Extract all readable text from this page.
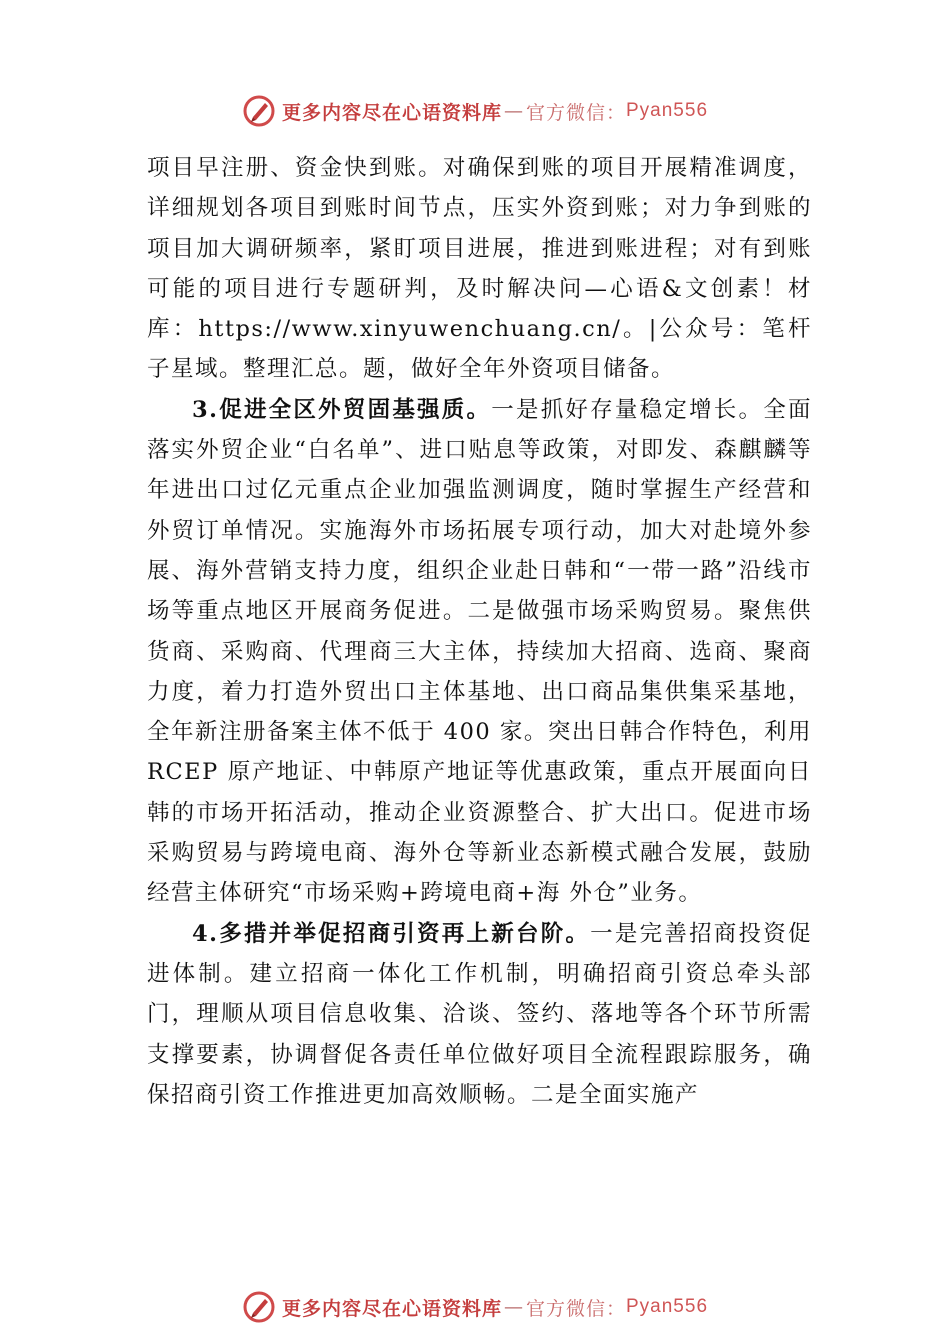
更多内容尽在心语资料库 — 官方微信： Pyan556

项目早注册、资金快到账。对确保到账的项目开展精准调度，详细规划各项目到账时间节点，压实外资到账；对力争到账的项目加大调研频率，紧盯项目进展，推进到账进程；对有到账可能的项目进行专题研判，及时解决问—心语&文创素！材库：https://www.xinyuwenchuang.cn/。|公众号：笔杆子星域。整理汇总。题，做好全年外资项目储备。

3.促进全区外贸固基强质。一是抓好存量稳定增长。全面落实外贸企业“白名单”、进口贴息等政策，对即发、森麒麟等年进出口过亿元重点企业加强监测调度，随时掌握生产经营和外贸订单情况。实施海外市场拓展专项行动，加大对赴境外参展、海外营销支持力度，组织企业赴日韩和“一带一路”沿线市场等重点地区开展商务促进。二是做强市场采购贸易。聚焦供货商、采购商、代理商三大主体，持续加大招商、选商、聚商力度，着力打造外贸出口主体基地、出口商品集供集采基地，全年新注册备案主体不低于 400 家。突出日韩合作特色，利用 RCEP 原产地证、中韩原产地证等优惠政策，重点开展面向日韩的市场开拓活动，推动企业资源整合、扩大出口。促进市场采购贸易与跨境电商、海外仓等新业态新模式融合发展，鼓励经营主体研究“市场采购+跨境电商+海 外仓”业务。

4.多措并举促招商引资再上新台阶。一是完善招商投资促进体制。建立招商一体化工作机制，明确招商引资总牵头部门，理顺从项目信息收集、洽谈、签约、落地等各个环节所需支撑要素，协调督促各责任单位做好项目全流程跟踪服务，确保招商引资工作推进更加高效顺畅。二是全面实施产

更多内容尽在心语资料库 — 官方微信： Pyan556
